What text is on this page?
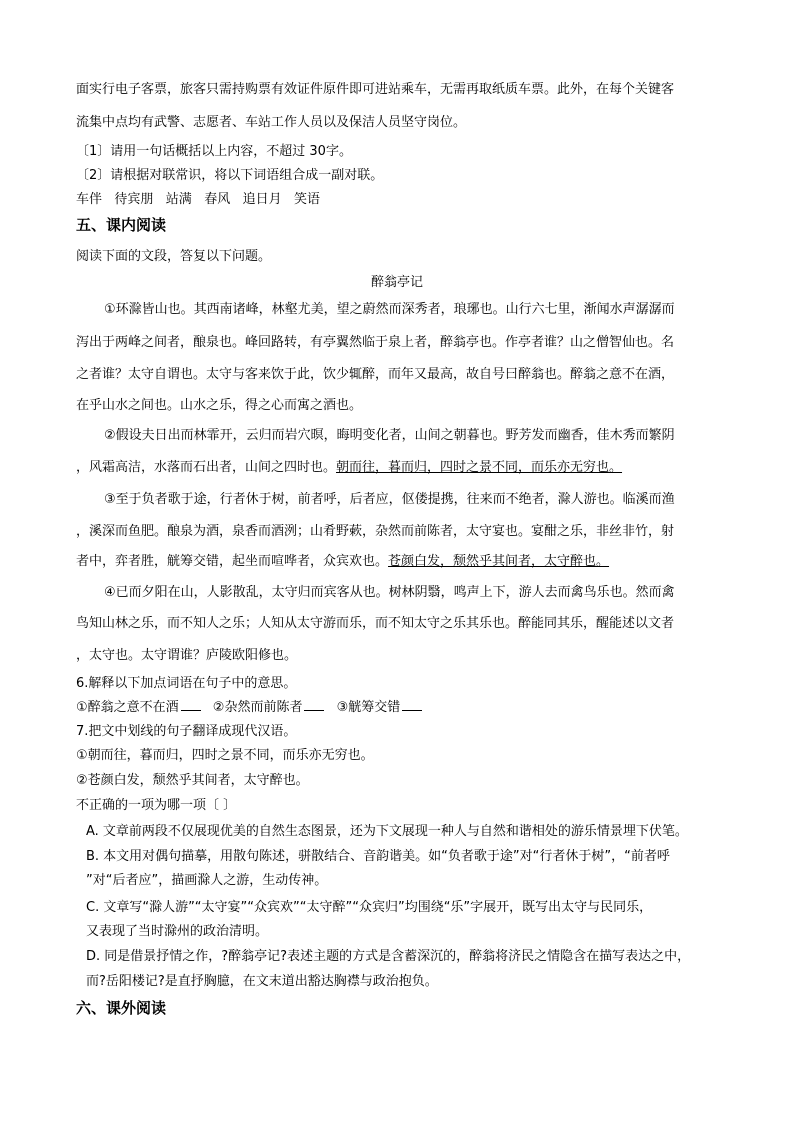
面实行电子客票，旅客只需持购票有效证件原件即可进站乘车，无需再取纸质车票。此外，在每个关键客
流集中点均有武警、志愿者、车站工作人员以及保洁人员坚守岗位。
〔1〕请用一句话概括以上内容，不超过 30字。
〔2〕请根据对联常识，将以下词语组合成一副对联。
车伴   待宾朋   站满   春风   追日月   笑语
五、课内阅读
阅读下面的文段，答复以下问题。
醉翁亭记
①环滁皆山也。其西南诸峰，林壑尤美，望之蔚然而深秀者，琅琊也。山行六七里，渐闻水声潺潺而
泻出于两峰之间者，酿泉也。峰回路转，有亭翼然临于泉上者，醉翁亭也。作亭者谁？山之僧智仙也。名
之者谁？太守自谓也。太守与客来饮于此，饮少辄醉，而年又最高，故自号曰醉翁也。醉翁之意不在酒，
在乎山水之间也。山水之乐，得之心而寓之酒也。
②假设夫日出而林霏开，云归而岩穴暝，晦明变化者，山间之朝暮也。野芳发而幽香，佳木秀而繁阴
，风霜高洁，水落而石出者，山间之四时也。朝而往，暮而归，四时之景不同，而乐亦无穷也。
③至于负者歌于途，行者休于树，前者呼，后者应，伛偻提携，往来而不绝者，滁人游也。临溪而渔
，溪深而鱼肥。酿泉为酒，泉香而酒洌；山肴野蔌，杂然而前陈者，太守宴也。宴酣之乐，非丝非竹，射
者中，弈者胜，觥筹交错，起坐而喧哗者，众宾欢也。苍颜白发，颓然乎其间者，太守醉也。
④已而夕阳在山，人影散乱，太守归而宾客从也。树林阴翳，鸣声上下，游人去而禽鸟乐也。然而禽
鸟知山林之乐，而不知人之乐；人知从太守游而乐，而不知太守之乐其乐也。醉能同其乐，醒能述以文者
，太守也。太守谓谁？庐陵欧阳修也。
6.解释以下加点词语在句子中的意思。
①醉翁之意不在酒	②杂然而前陈者	③觥筹交错
7.把文中划线的句子翻译成现代汉语。
①朝而往，暮而归，四时之景不同，而乐亦无穷也。
②苍颜白发，颓然乎其间者，太守醉也。
不正确的一项为哪一项〔 〕
A. 文章前两段不仅展现优美的自然生态图景，还为下文展现一种人与自然和谐相处的游乐情景埋下伏笔。
B. 本文用对偶句描摹，用散句陈述，骈散结合、音韵谐美。如“负者歌于途”对“行者休于树”，“前者呼
”对“后者应”，描画滁人之游，生动传神。
C. 文章写“滁人游”“太守宴”“众宾欢”“太守醉”“众宾归”均围绕“乐”字展开，既写出太守与民同乐，
又表现了当时滁州的政治清明。
D. 同是借景抒情之作，?醉翁亭记?表述主题的方式是含蓄深沉的，醉翁将济民之情隐含在描写表达之中，
而?岳阳楼记?是直抒胸臆，在文末道出豁达胸襟与政治抱负。
六、课外阅读
